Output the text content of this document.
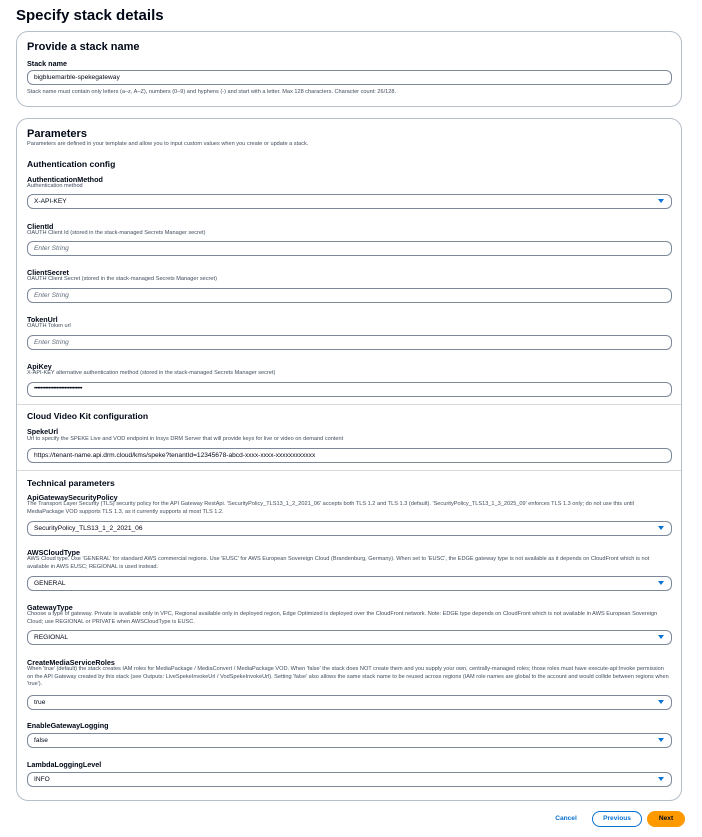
Specify stack details
Provide a stack name
Stack name
bigbluemarble-spekegateway
Stack name must contain only letters (a–z, A–Z), numbers (0–9) and hyphens (-) and start with a letter. Max 128 characters. Character count: 26/128.
Parameters
Parameters are defined in your template and allow you to input custom values when you create or update a stack.
Authentication config
AuthenticationMethod
Authentication method
X-API-KEY
ClientId
OAUTH Client Id (stored in the stack-managed Secrets Manager secret)
Enter String
ClientSecret
OAUTH Client Secret (stored in the stack-managed Secrets Manager secret)
Enter String
TokenUrl
OAUTH Token url
Enter String
ApiKey
X-API-KEY alternative authentication method (stored in the stack-managed Secrets Manager secret)
••••••••••••••••••••••••••••••
Cloud Video Kit configuration
SpekeUrl
Url to specify the SPEKE Live and VOD endpoint in Insys DRM Server that will provide keys for live or video on demand content
https://tenant-name.api.drm.cloud/kms/speke?tenantId=12345678-abcd-xxxx-xxxx-xxxxxxxxxxxx
Technical parameters
ApiGatewaySecurityPolicy
The Transport Layer Security (TLS) security policy for the API Gateway RestApi. 'SecurityPolicy_TLS13_1_2_2021_06' accepts both TLS 1.2 and TLS 1.3 (default). 'SecurityPolicy_TLS13_1_3_2025_09' enforces TLS 1.3 only; do not use this until MediaPackage VOD supports TLS 1.3, as it currently supports at most TLS 1.2.
SecurityPolicy_TLS13_1_2_2021_06
AWSCloudType
AWS Cloud type. Use 'GENERAL' for standard AWS commercial regions. Use 'EUSC' for AWS European Sovereign Cloud (Brandenburg, Germany). When set to 'EUSC', the EDGE gateway type is not available as it depends on CloudFront which is not available in AWS EUSC; REGIONAL is used instead.
GENERAL
GatewayType
Choose a type of gateway. Private is available only in VPC, Regional available only in deployed region, Edge Optimized is deployed over the CloudFront network. Note: EDGE type depends on CloudFront which is not available in AWS European Sovereign Cloud; use REGIONAL or PRIVATE when AWSCloudType is EUSC.
REGIONAL
CreateMediaServiceRoles
When 'true' (default) the stack creates IAM roles for MediaPackage / MediaConvert / MediaPackage VOD. When 'false' the stack does NOT create them and you supply your own, centrally-managed roles; those roles must have execute-api:Invoke permission on the API Gateway created by this stack (see Outputs: LiveSpekeInvokeUrl / VodSpekeInvokeUrl). Setting 'false' also allows the same stack name to be reused across regions (IAM role names are global to the account and would collide between regions when 'true').
true
EnableGatewayLogging
false
LambdaLoggingLevel
INFO
Cancel	Previous	Next
